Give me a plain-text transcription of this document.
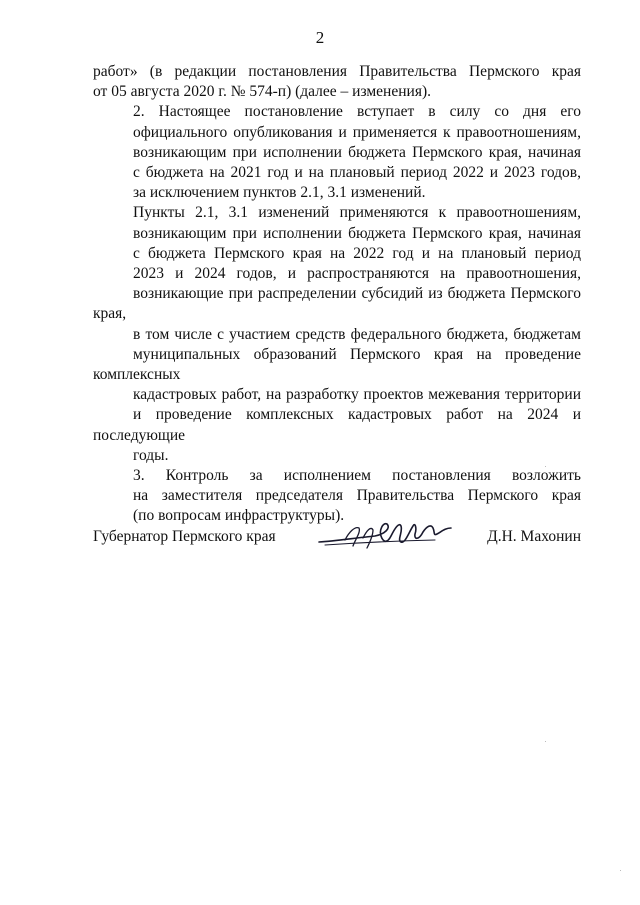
2

работ» (в редакции постановления Правительства Пермского края
от 05 августа 2020 г. № 574-п) (далее – изменения).

2. Настоящее постановление вступает в силу со дня его
официального опубликования и применяется к правоотношениям,
возникающим при исполнении бюджета Пермского края, начиная
с бюджета на 2021 год и на плановый период 2022 и 2023 годов,
за исключением пунктов 2.1, 3.1 изменений.

Пункты 2.1, 3.1 изменений применяются к правоотношениям,
возникающим при исполнении бюджета Пермского края, начиная
с бюджета Пермского края на 2022 год и на плановый период
2023 и 2024 годов, и распространяются на правоотношения,
возникающие при распределении субсидий из бюджета Пермского края,
в том числе с участием средств федерального бюджета, бюджетам
муниципальных образований Пермского края на проведение комплексных
кадастровых работ, на разработку проектов межевания территории
и проведение комплексных кадастровых работ на 2024 и последующие
годы.

3. Контроль за исполнением постановления возложить
на заместителя председателя Правительства Пермского края
(по вопросам инфраструктуры).

Губернатор Пермского края	Д.Н. Махонин
